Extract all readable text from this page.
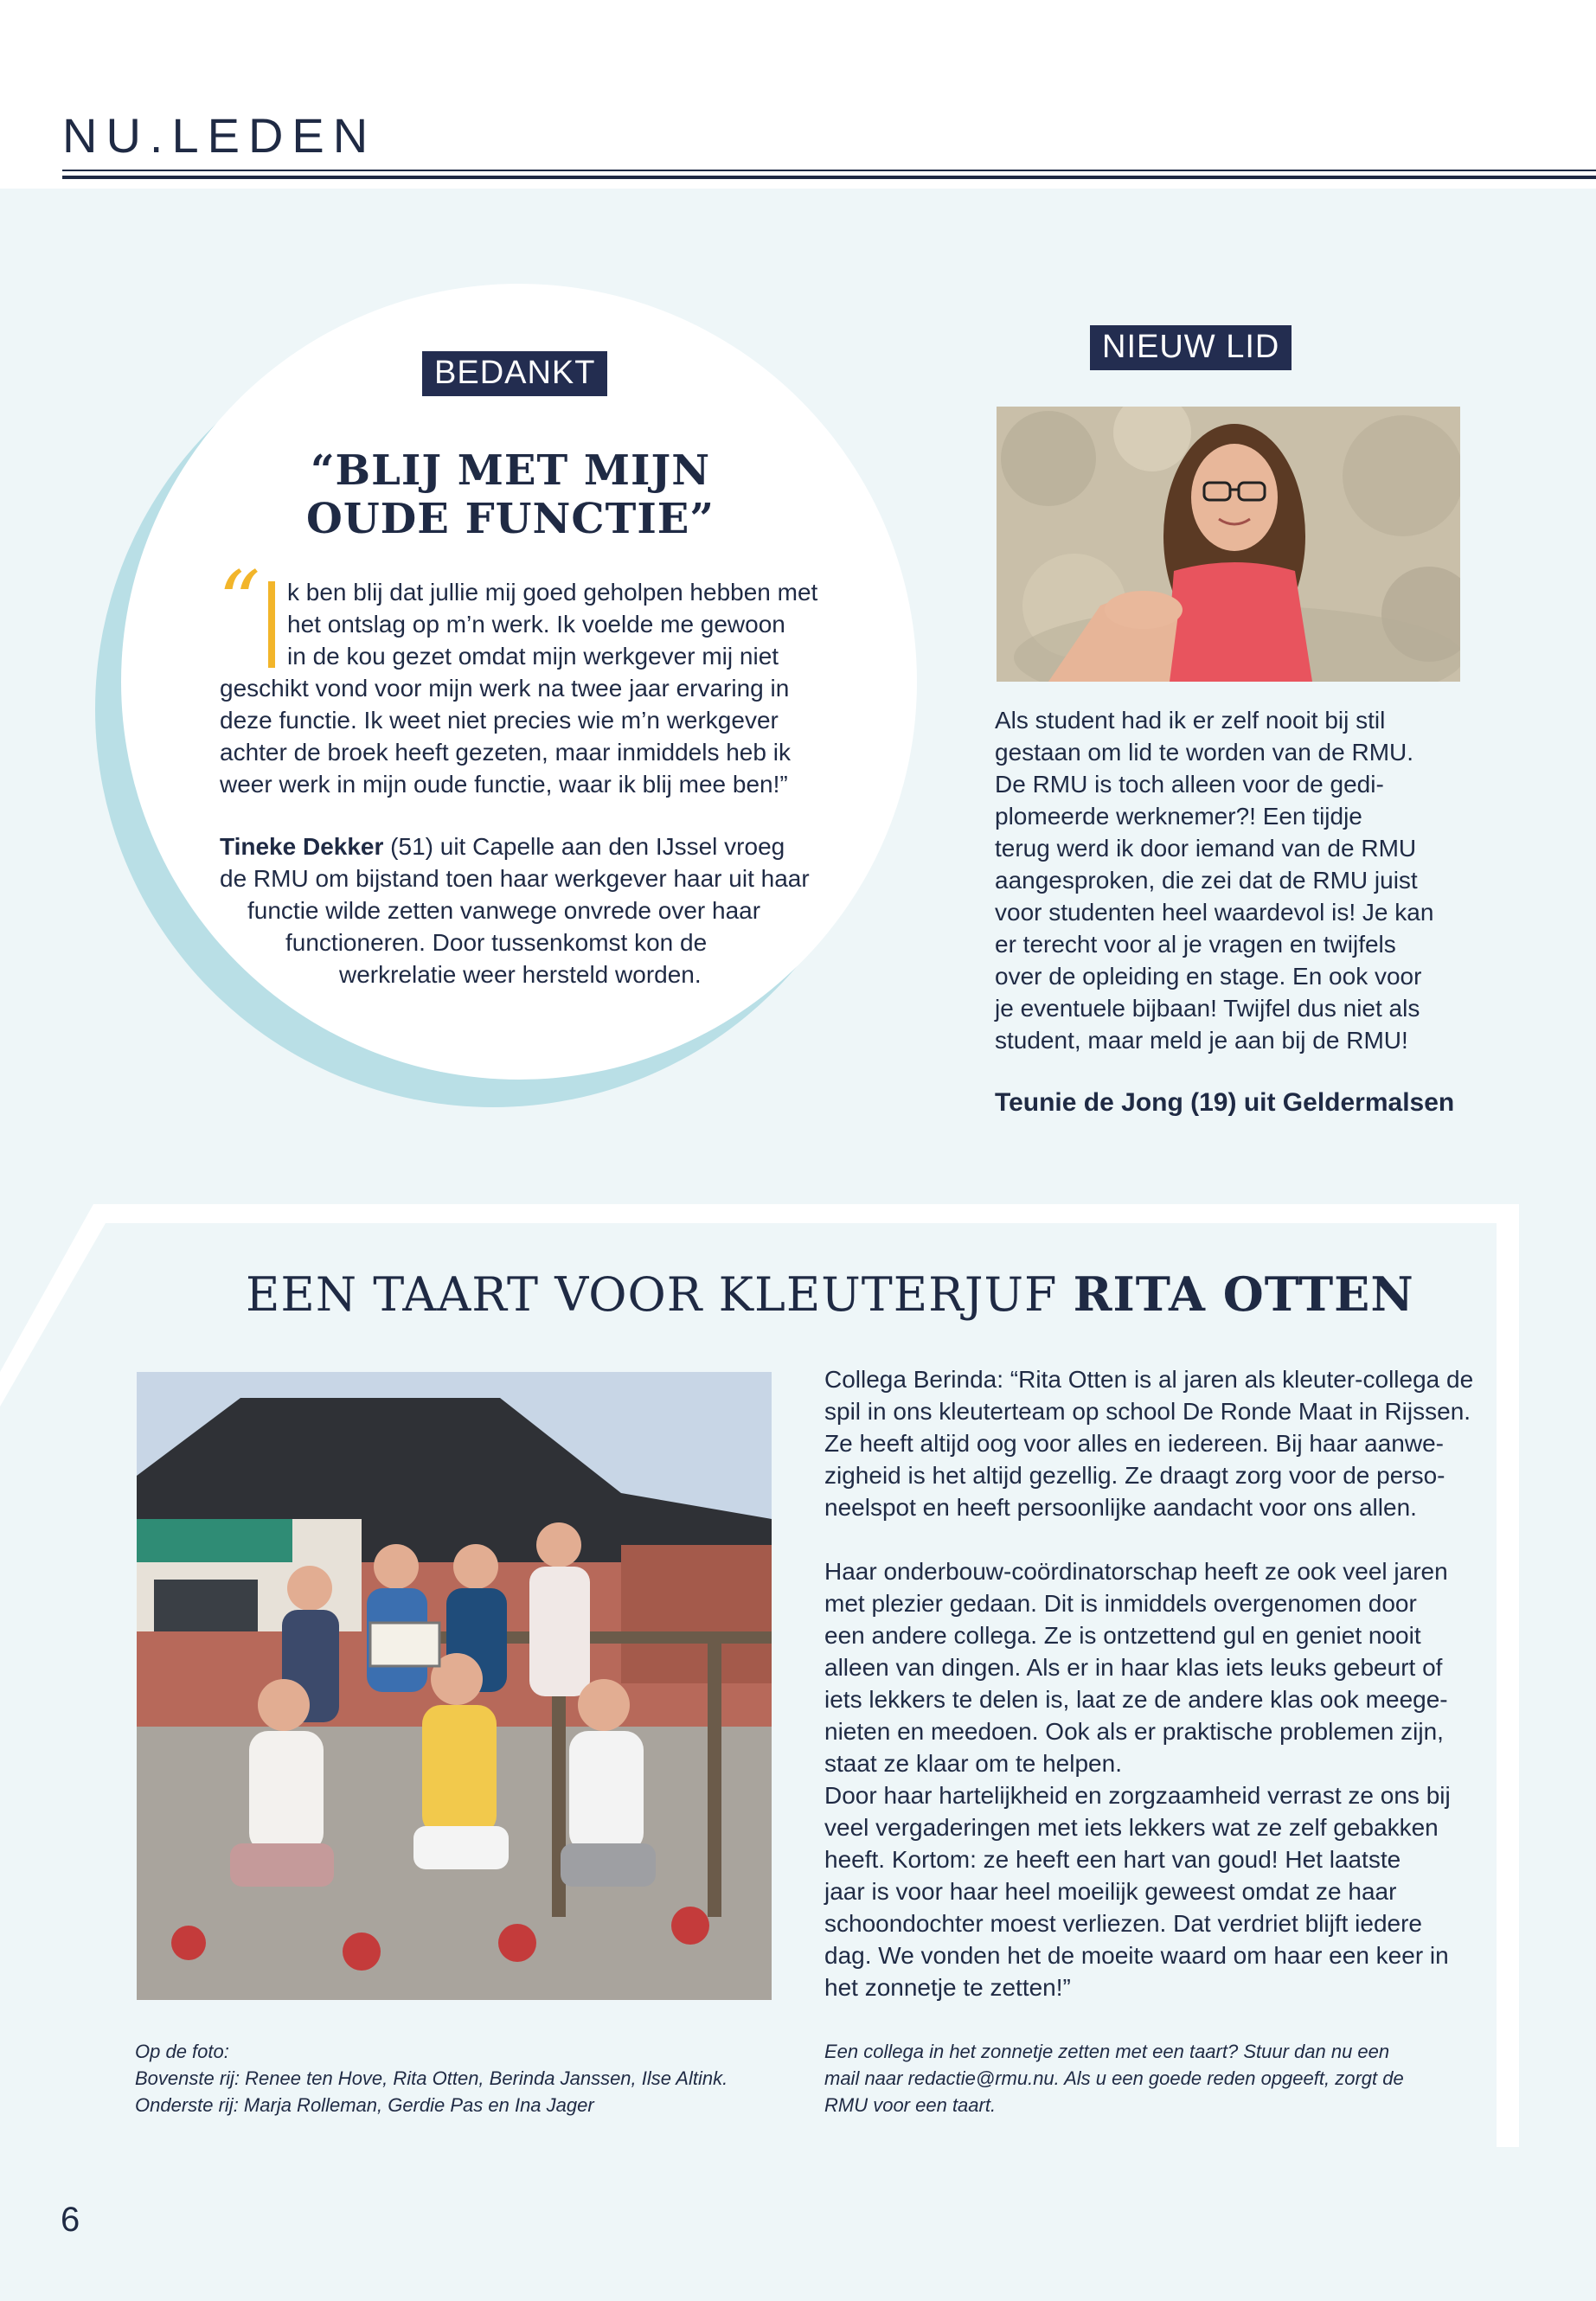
NU.LEDEN
BEDANKT
“BLIJ MET MIJN
OUDE FUNCTIE”
“	k ben blij dat jullie mij goed geholpen hebben met
het ontslag op m’n werk. Ik voelde me gewoon
in de kou gezet omdat mijn werkgever mij niet
geschikt vond voor mijn werk na twee jaar ervaring in
deze functie. Ik weet niet precies wie m’n werkgever
achter de broek heeft gezeten, maar inmiddels heb ik
weer werk in mijn oude functie, waar ik blij mee ben!”
Tineke Dekker (51) uit Capelle aan den IJssel vroeg
de RMU om bijstand toen haar werkgever haar uit haar
functie wilde zetten vanwege onvrede over haar
functioneren. Door tussenkomst kon de
werkrelatie weer hersteld worden.
NIEUW LID
Als student had ik er zelf nooit bij stil
gestaan om lid te worden van de RMU.
De RMU is toch alleen voor de gedi-
plomeerde werknemer?! Een tijdje
terug werd ik door iemand van de RMU
aangesproken, die zei dat de RMU juist
voor studenten heel waardevol is! Je kan
er terecht voor al je vragen en twijfels
over de opleiding en stage. En ook voor
je eventuele bijbaan! Twijfel dus niet als
student, maar meld je aan bij de RMU!
Teunie de Jong (19) uit Geldermalsen
EEN TAART VOOR KLEUTERJUF RITA OTTEN
Op de foto:
Bovenste rij: Renee ten Hove, Rita Otten, Berinda Janssen, Ilse Altink.
Onderste rij: Marja Rolleman, Gerdie Pas en Ina Jager
Collega Berinda: “Rita Otten is al jaren als kleuter-collega de
spil in ons kleuterteam op school De Ronde Maat in Rijssen.
Ze heeft altijd oog voor alles en iedereen. Bij haar aanwe-
zigheid is het altijd gezellig. Ze draagt zorg voor de perso-
neelspot en heeft persoonlijke aandacht voor ons allen.
Haar onderbouw-coördinatorschap heeft ze ook veel jaren
met plezier gedaan. Dit is inmiddels overgenomen door
een andere collega. Ze is ontzettend gul en geniet nooit
alleen van dingen. Als er in haar klas iets leuks gebeurt of
iets lekkers te delen is, laat ze de andere klas ook meege-
nieten en meedoen. Ook als er praktische problemen zijn,
staat ze klaar om te helpen.
Door haar hartelijkheid en zorgzaamheid verrast ze ons bij
veel vergaderingen met iets lekkers wat ze zelf gebakken
heeft. Kortom: ze heeft een hart van goud! Het laatste
jaar is voor haar heel moeilijk geweest omdat ze haar
schoondochter moest verliezen. Dat verdriet blijft iedere
dag. We vonden het de moeite waard om haar een keer in
het zonnetje te zetten!”
Een collega in het zonnetje zetten met een taart? Stuur dan nu een
mail naar redactie@rmu.nu. Als u een goede reden opgeeft, zorgt de
RMU voor een taart.
6
